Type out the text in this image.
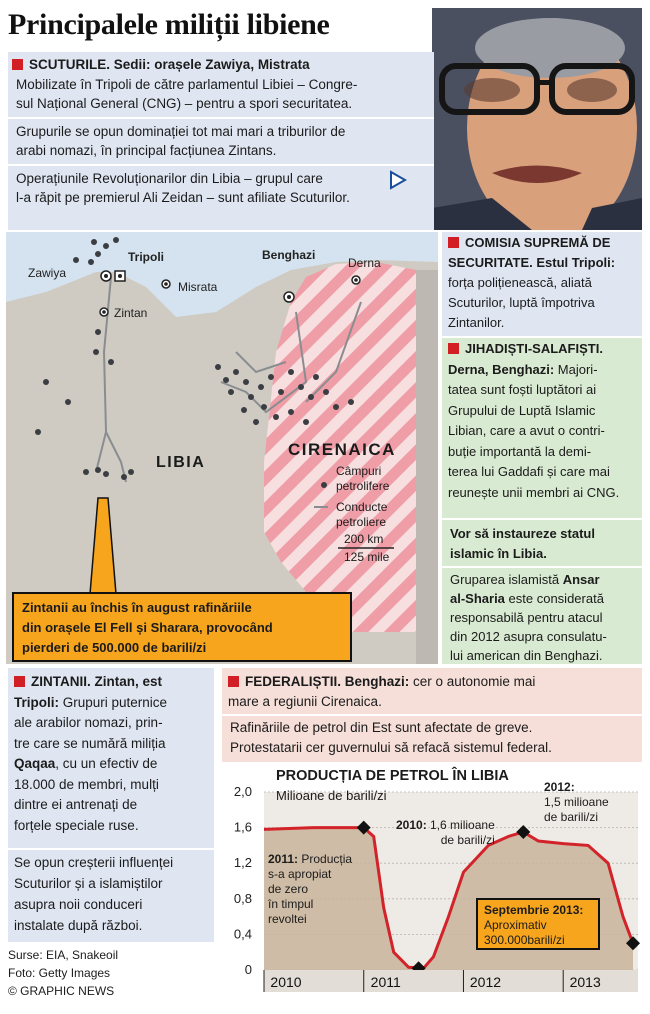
Principalele miliții libiene
SCUTURILE. Sedii: orașele Zawiya, Mistrata
Mobilizate în Tripoli de către parlamentul Libiei – Congre-
sul Național General (CNG) – pentru a spori securitatea.
Grupurile se opun dominației tot mai mari a triburilor de
arabi nomazi, în principal facțiunea Zintans.
Operațiunile Revoluționarilor din Libia – grupul care
l-a răpit pe premierul Ali Zeidan – sunt afiliate Scuturilor.
Zawiya
Tripoli
Misrata
Zintan
Benghazi
Derna
LIBIA
CIRENAICA
Câmpuri
petrolifere
Conducte
petroliere
200 km
125 mile
Zintanii au închis în august rafinăriile
din orașele El Fell și Sharara, provocând
pierderi de 500.000 de barili/zi
COMISIA SUPREMĂ DE
SECURITATE. Estul Tripoli:
forța polițienească, aliată
Scuturilor, luptă împotriva
Zintanilor.
JIHADIȘTI-SALAFIȘTI.
Derna, Benghazi: Majori-
tatea sunt foști luptători ai
Grupului de Luptă Islamic
Libian, care a avut o contri-
buție importantă la demi-
terea lui Gaddafi și care mai
reunește unii membri ai CNG.
Vor să instaureze statul
islamic în Libia.
Gruparea islamistă Ansar
al-Sharia este considerată
responsabilă pentru atacul
din 2012 asupra consulatu-
lui american din Benghazi.
ZINTANII. Zintan, est
Tripoli: Grupuri puternice
ale arabilor nomazi, prin-
tre care se numără miliția
Qaqaa, cu un efectiv de
18.000 de membri, mulți
dintre ei antrenați de
forțele speciale ruse.
Se opun creșterii influenței
Scuturilor și a islamiștilor
asupra noii conduceri
instalate după război.
FEDERALIȘTII. Benghazi: cer o autonomie mai
mare a regiunii Cirenaica.
Rafinăriile de petrol din Est sunt afectate de greve.
Protestatarii cer guvernului să refacă sistemul federal.
2,0
1,6
1,2
0,8
0,4
0
2010	2011	2012	2013
PRODUCȚIA DE PETROL ÎN LIBIA
Milioane de barili/zi
2010: 1,6 milioane
de barili/zi
2011: Producția
s-a apropiat
de zero
în timpul
revoltei
2012:
1,5 milioane
de barili/zi
Septembrie 2013:
Aproximativ
300.000barili/zi
Surse: EIA, Snakeoil
Foto: Getty Images
© GRAPHIC NEWS
